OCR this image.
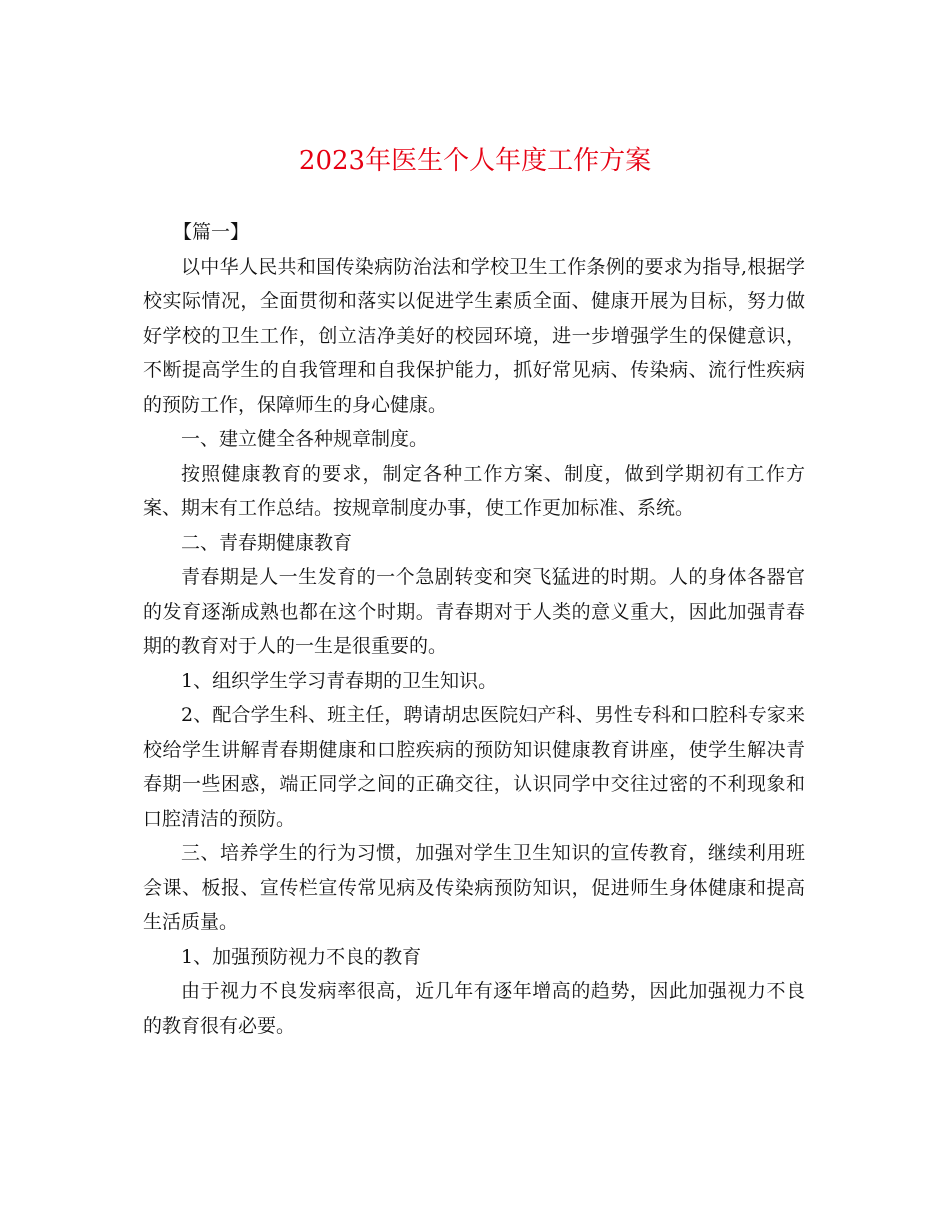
2023年医生个人年度工作方案

【篇一】

以中华人民共和国传染病防治法和学校卫生工作条例的要求为指导,根据学校实际情况，全面贯彻和落实以促进学生素质全面、健康开展为目标，努力做好学校的卫生工作，创立洁净美好的校园环境，进一步增强学生的保健意识，不断提高学生的自我管理和自我保护能力，抓好常见病、传染病、流行性疾病的预防工作，保障师生的身心健康。

一、建立健全各种规章制度。

按照健康教育的要求，制定各种工作方案、制度，做到学期初有工作方案、期末有工作总结。按规章制度办事，使工作更加标准、系统。

二、青春期健康教育

青春期是人一生发育的一个急剧转变和突飞猛进的时期。人的身体各器官的发育逐渐成熟也都在这个时期。青春期对于人类的意义重大，因此加强青春期的教育对于人的一生是很重要的。

1、组织学生学习青春期的卫生知识。

2、配合学生科、班主任，聘请胡忠医院妇产科、男性专科和口腔科专家来校给学生讲解青春期健康和口腔疾病的预防知识健康教育讲座，使学生解决青春期一些困惑，端正同学之间的正确交往，认识同学中交往过密的不利现象和口腔清洁的预防。

三、培养学生的行为习惯，加强对学生卫生知识的宣传教育，继续利用班会课、板报、宣传栏宣传常见病及传染病预防知识，促进师生身体健康和提高生活质量。

1、加强预防视力不良的教育

由于视力不良发病率很高，近几年有逐年增高的趋势，因此加强视力不良的教育很有必要。
